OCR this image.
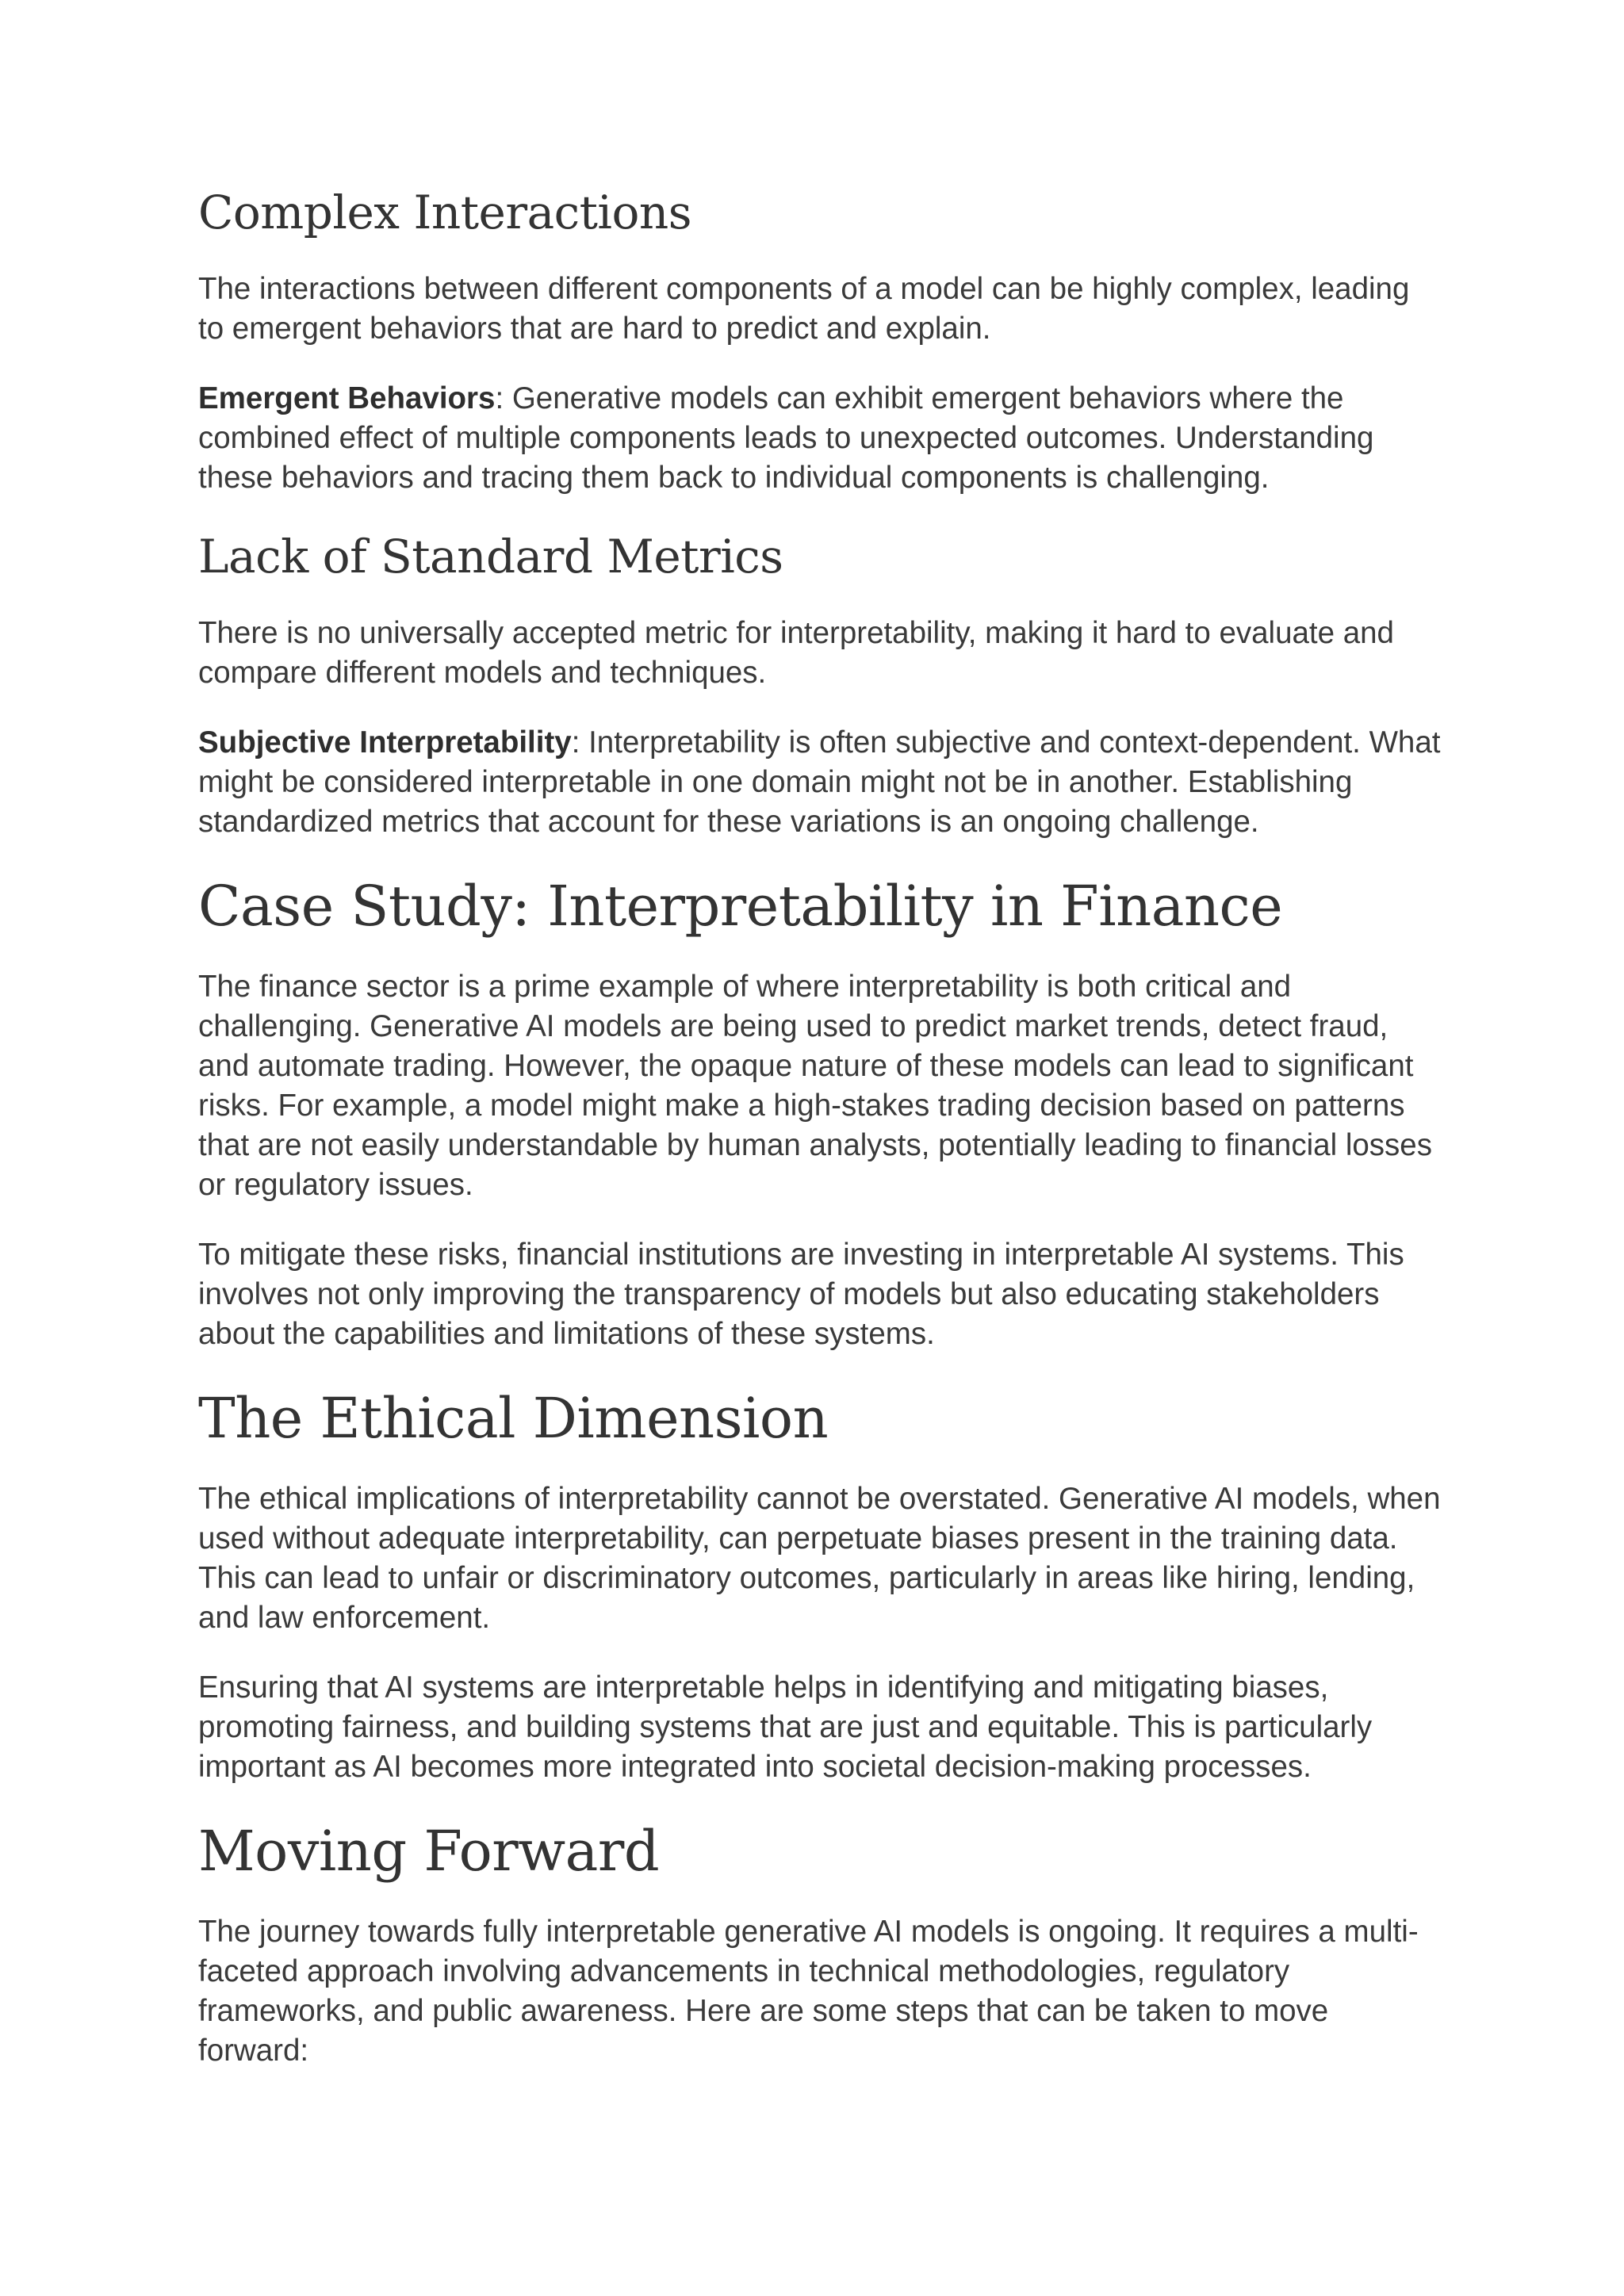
Complex Interactions

The interactions between different components of a model can be highly complex, leading to emergent behaviors that are hard to predict and explain.

Emergent Behaviors: Generative models can exhibit emergent behaviors where the combined effect of multiple components leads to unexpected outcomes. Understanding these behaviors and tracing them back to individual components is challenging.

Lack of Standard Metrics

There is no universally accepted metric for interpretability, making it hard to evaluate and compare different models and techniques.

Subjective Interpretability: Interpretability is often subjective and context-dependent. What might be considered interpretable in one domain might not be in another. Establishing standardized metrics that account for these variations is an ongoing challenge.

Case Study: Interpretability in Finance

The finance sector is a prime example of where interpretability is both critical and challenging. Generative AI models are being used to predict market trends, detect fraud, and automate trading. However, the opaque nature of these models can lead to significant risks. For example, a model might make a high-stakes trading decision based on patterns that are not easily understandable by human analysts, potentially leading to financial losses or regulatory issues.

To mitigate these risks, financial institutions are investing in interpretable AI systems. This involves not only improving the transparency of models but also educating stakeholders about the capabilities and limitations of these systems.

The Ethical Dimension

The ethical implications of interpretability cannot be overstated. Generative AI models, when used without adequate interpretability, can perpetuate biases present in the training data. This can lead to unfair or discriminatory outcomes, particularly in areas like hiring, lending, and law enforcement.

Ensuring that AI systems are interpretable helps in identifying and mitigating biases, promoting fairness, and building systems that are just and equitable. This is particularly important as AI becomes more integrated into societal decision-making processes.

Moving Forward

The journey towards fully interpretable generative AI models is ongoing. It requires a multi-faceted approach involving advancements in technical methodologies, regulatory frameworks, and public awareness. Here are some steps that can be taken to move forward:
